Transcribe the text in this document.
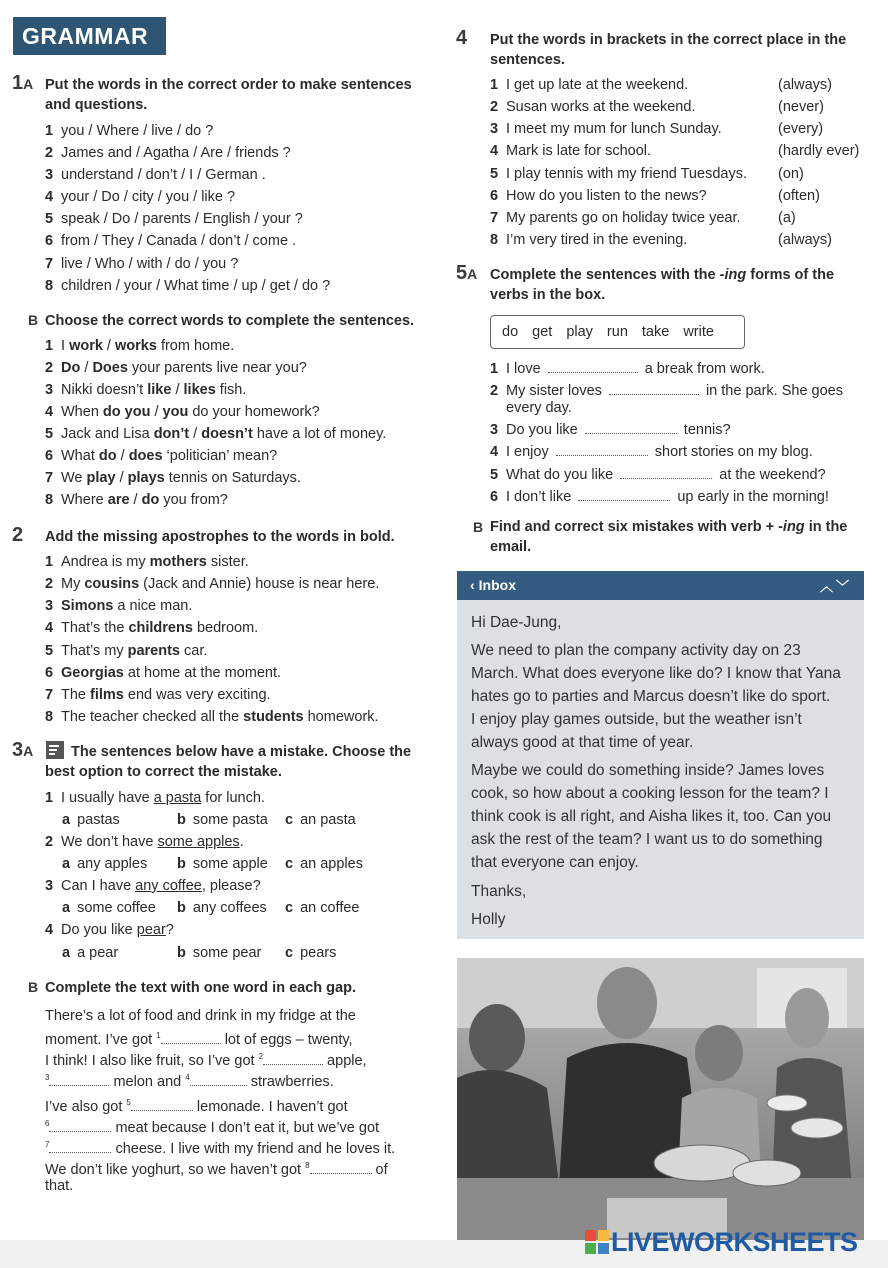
GRAMMAR
1A Put the words in the correct order to make sentences
and questions.
1 you / Where / live / do ?
2 James and / Agatha / Are / friends ?
3 understand / don’t / I / German .
4 your / Do / city / you / like ?
5 speak / Do / parents / English / your ?
6 from / They / Canada / don’t / come .
7 live / Who / with / do / you ?
8 children / your / What time / up / get / do ?
B Choose the correct words to complete the sentences.
1 I work / works from home.
2 Do / Does your parents live near you?
3 Nikki doesn’t like / likes fish.
4 When do you / you do your homework?
5 Jack and Lisa don’t / doesn’t have a lot of money.
6 What do / does ‘politician’ mean?
7 We play / plays tennis on Saturdays.
8 Where are / do you from?
2 Add the missing apostrophes to the words in bold.
1 Andrea is my mothers sister.
2 My cousins (Jack and Annie) house is near here.
3 Simons a nice man.
4 That’s the childrens bedroom.
5 That’s my parents car.
6 Georgias at home at the moment.
7 The films end was very exciting.
8 The teacher checked all the students homework.
3A	The sentences below have a mistake. Choose the
best option to correct the mistake.
1 I usually have a pasta for lunch.
a pastas	b some pasta c an pasta
2 We don’t have some apples.
a any apples b some apple c an apples
3 Can I have any coffee, please?
a some coffee b any coffees c an coffee
4 Do you like pear?
a a pear	b some pear c pears
B Complete the text with one word in each gap.
There’s a lot of food and drink in my fridge at the
moment. I’ve got $^1$	lot of eggs – twenty,
I think! I also like fruit, so I’ve got $^2$	apple,
$^3$	melon and $^4$	strawberries.
I’ve also got $^5$	lemonade. I haven’t got
$^6$	meat because I don’t eat it, but we’ve got
$^7$	cheese. I live with my friend and he loves it.
We don’t like yoghurt, so we haven’t got $^8$	of
that.
4 Put the words in brackets in the correct place in the
sentences.
1 I get up late at the weekend.	(always)
2 Susan works at the weekend.	(never)
3 I meet my mum for lunch Sunday.	(every)
4 Mark is late for school.	(hardly ever)
5 I play tennis with my friend Tuesdays. (on)
6 How do you listen to the news?	(often)
7 My parents go on holiday twice year.	(a)
8 I’m very tired in the evening.	(always)
5A Complete the sentences with the -ing forms of the
verbs in the box.
do get play run take write
1 I love	a break from work.
2 My sister loves	in the park. She goes
every day.
3 Do you like	tennis?
4 I enjoy	short stories on my blog.
5 What do you like	at the weekend?
6 I don’t like	up early in the morning!
B Find and correct six mistakes with verb + -ing in the
email.
‹ Inbox	︿﹀
Hi Dae-Jung,
We need to plan the company activity day on 23
March. What does everyone like do? I know that Yana
hates go to parties and Marcus doesn’t like do sport.
I enjoy play games outside, but the weather isn’t
always good at that time of year.
Maybe we could do something inside? James loves
cook, so how about a cooking lesson for the team? I
think cook is all right, and Aisha likes it, too. Can you
ask the rest of the team? I want us to do something
that everyone can enjoy.
Thanks,
Holly
LIVEWORKSHEETS
